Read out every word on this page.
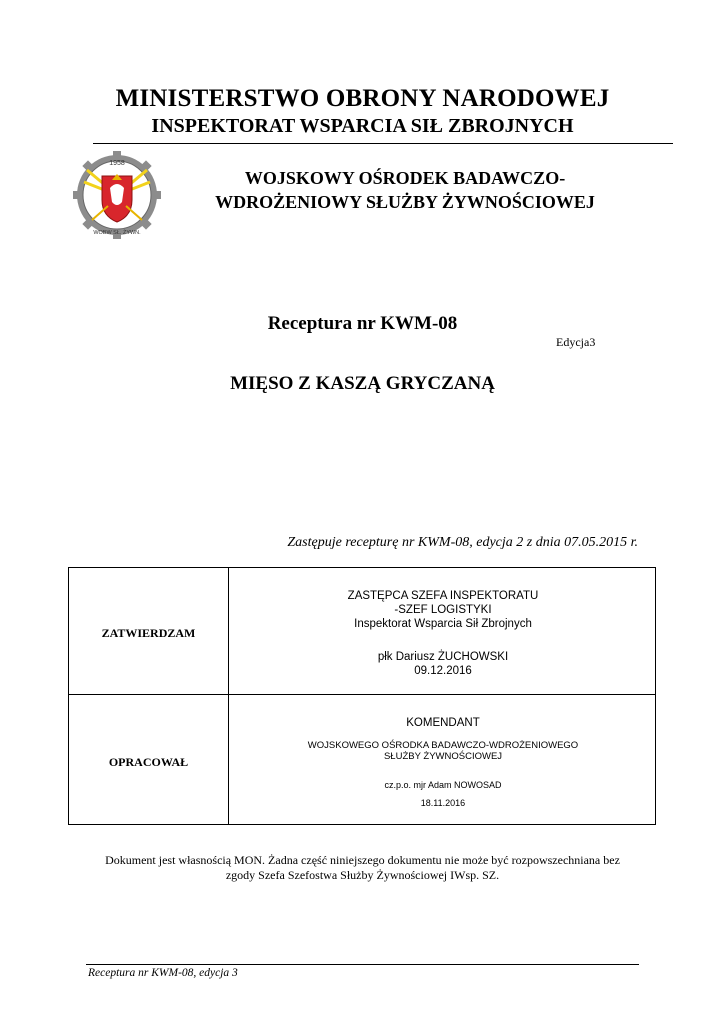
MINISTERSTWO OBRONY NARODOWEJ
INSPEKTORAT WSPARCIA SIŁ ZBROJNYCH
1958
WOBW SŁ. ŻYWN.
WOJSKOWY OŚRODEK BADAWCZO-
WDROŻENIOWY SŁUŻBY ŻYWNOŚCIOWEJ
Receptura nr KWM-08
Edycja3
MIĘSO Z KASZĄ GRYCZANĄ
Zastępuje recepturę nr KWM-08, edycja 2 z dnia 07.05.2015 r.
ZATWIERDZAM
ZASTĘPCA SZEFA INSPEKTORATU
-SZEF LOGISTYKI
Inspektorat Wsparcia Sił Zbrojnych
płk Dariusz ŻUCHOWSKI
09.12.2016
OPRACOWAŁ
KOMENDANT
WOJSKOWEGO OŚRODKA BADAWCZO-WDROŻENIOWEGO
SŁUŻBY ŻYWNOŚCIOWEJ
cz.p.o. mjr Adam NOWOSAD
18.11.2016
Dokument jest własnością MON. Żadna część niniejszego dokumentu nie może być rozpowszechniana bez
zgody Szefa Szefostwa Służby Żywnościowej IWsp. SZ.
Receptura nr KWM-08, edycja 3
